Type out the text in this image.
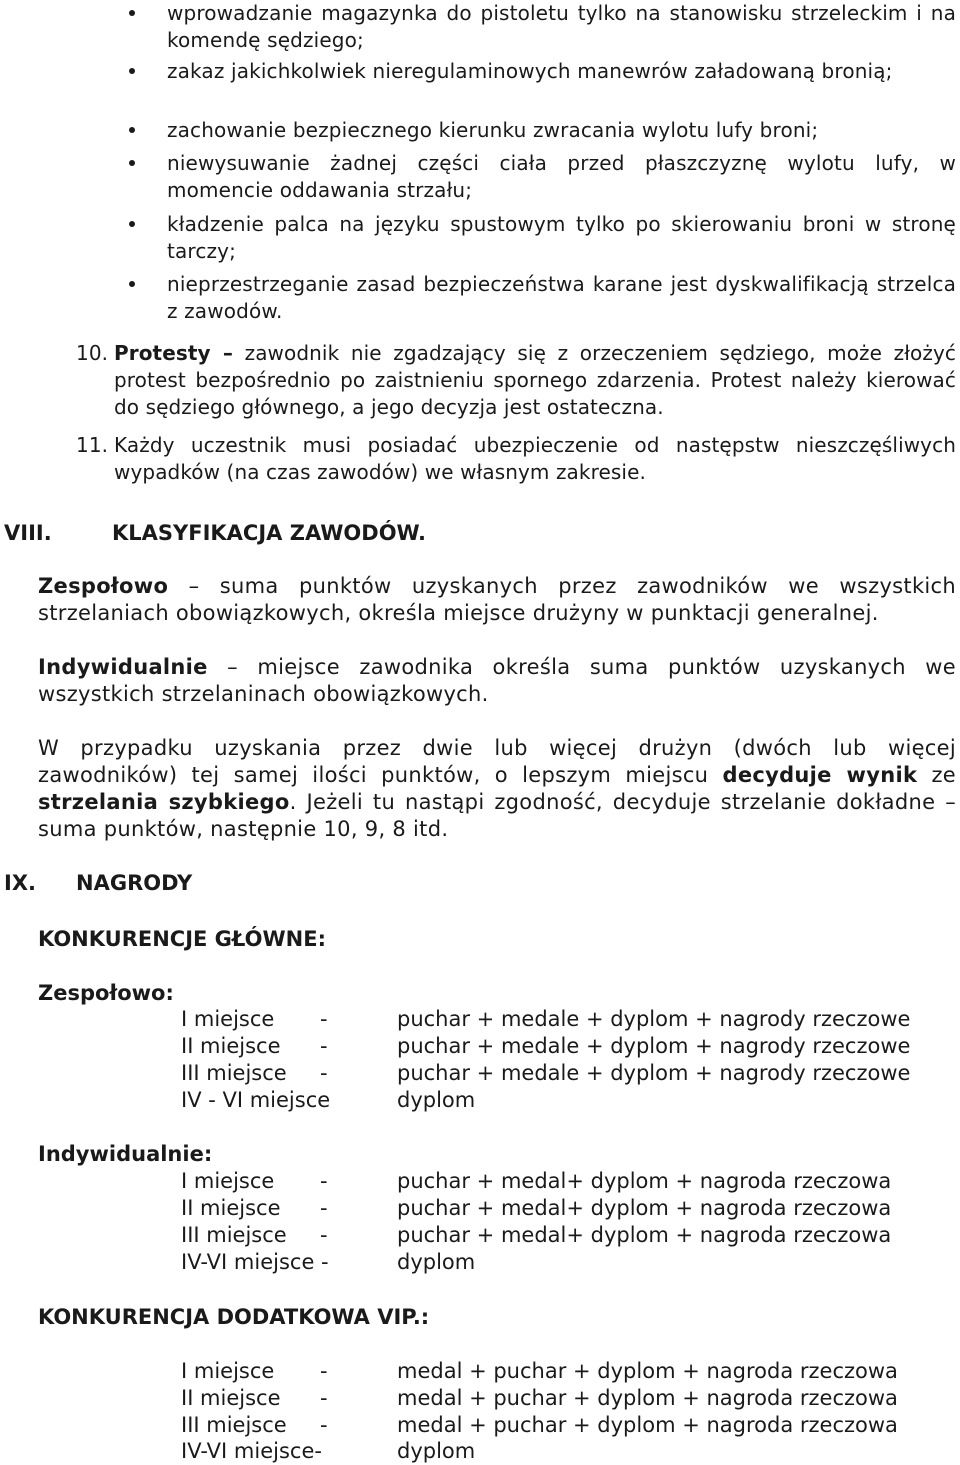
wprowadzanie magazynka do pistoletu tylko na stanowisku strzeleckim i na komendę sędziego;
zakaz jakichkolwiek nieregulaminowych manewrów załadowaną bronią;
zachowanie bezpiecznego kierunku zwracania wylotu lufy broni;
niewysuwanie żadnej części ciała przed płaszczyznę wylotu lufy, w momencie oddawania strzału;
kładzenie palca na języku spustowym tylko po skierowaniu broni w stronę tarczy;
nieprzestrzeganie zasad bezpieczeństwa karane jest dyskwalifikacją strzelca z zawodów.
10. Protesty – zawodnik nie zgadzający się z orzeczeniem sędziego, może złożyć protest bezpośrednio po zaistnieniu spornego zdarzenia. Protest należy kierować do sędziego głównego, a jego decyzja jest ostateczna.
11. Każdy uczestnik musi posiadać ubezpieczenie od następstw nieszczęśliwych wypadków (na czas zawodów) we własnym zakresie.
VIII.	KLASYFIKACJA ZAWODÓW.
Zespołowo – suma punktów uzyskanych przez zawodników we wszystkich strzelaniach obowiązkowych, określa miejsce drużyny w punktacji generalnej.
Indywidualnie – miejsce zawodnika określa suma punktów uzyskanych we wszystkich strzelaninach obowiązkowych.
W przypadku uzyskania przez dwie lub więcej drużyn (dwóch lub więcej zawodników) tej samej ilości punktów, o lepszym miejscu decyduje wynik ze strzelania szybkiego. Jeżeli tu nastąpi zgodność, decyduje strzelanie dokładne – suma punktów, następnie 10, 9, 8 itd.
IX. NAGRODY
KONKURENCJE GŁÓWNE:
Zespołowo:
I miejsce -	puchar + medale + dyplom + nagrody rzeczowe
II miejsce -	puchar + medale + dyplom + nagrody rzeczowe
III miejsce -	puchar + medale + dyplom + nagrody rzeczowe
IV - VI miejsce	dyplom
Indywidualnie:
I miejsce -	puchar + medal+ dyplom + nagroda rzeczowa
II miejsce -	puchar + medal+ dyplom + nagroda rzeczowa
III miejsce -	puchar + medal+ dyplom + nagroda rzeczowa
IV-VI miejsce -	dyplom
KONKURENCJA DODATKOWA VIP.:
I miejsce -	medal + puchar + dyplom + nagroda rzeczowa
II miejsce -	medal + puchar + dyplom + nagroda rzeczowa
III miejsce -	medal + puchar + dyplom + nagroda rzeczowa
IV-VI miejsce-	dyplom
